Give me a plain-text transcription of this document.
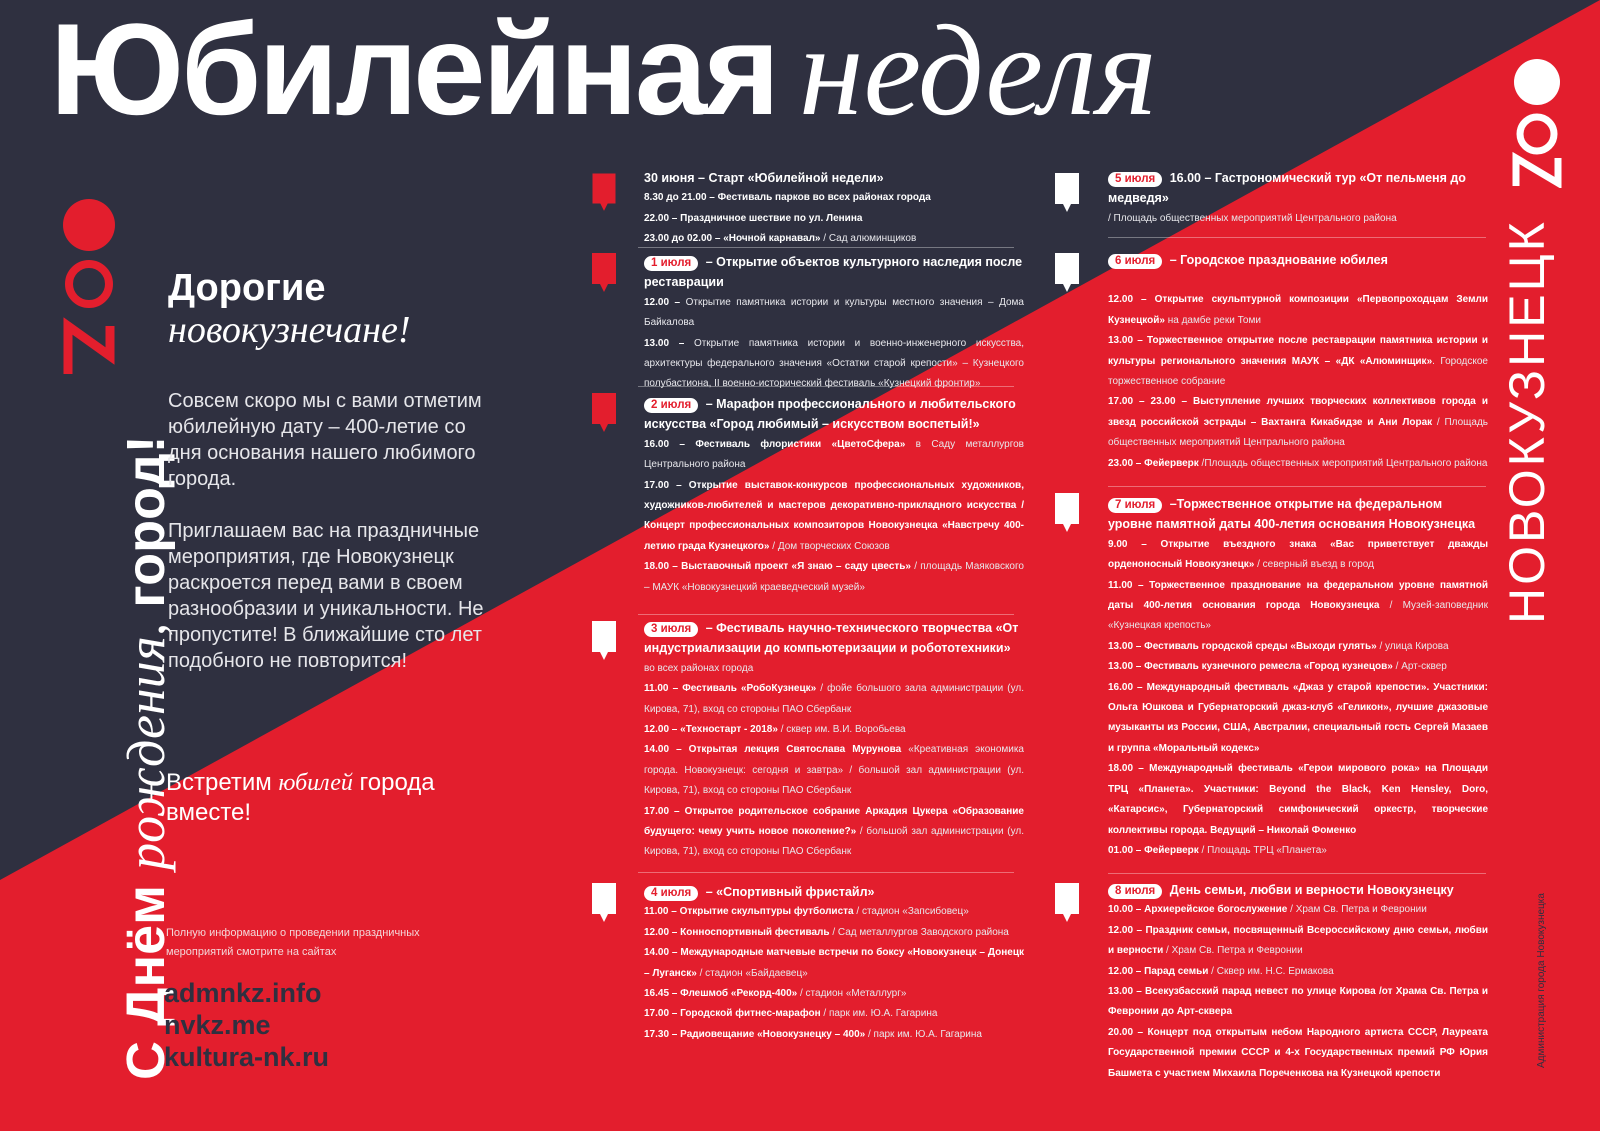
Юбилейная неделя
С Днём рождения, город!	НОВОКУЗНЕЦК
Администрация города Новокузнецка
Дорогие
новокузнечане!
Совсем скоро мы с вами отметим юбилейную дату – 400-летие со дня основания нашего любимого города.
Приглашаем вас на праздничные мероприятия, где Новокузнецк раскроется перед вами в своем разнообразии и уникальности. Не пропустите! В ближайшие сто лет подобного не повторится!
Встретим юбилей города вместе!
Полную информацию о проведении праздничных мероприятий смотрите на сайтах
admnkz.info
nvkz.me
kultura-nk.ru
30 июня – Старт «Юбилейной недели»
8.30 до 21.00 – Фестиваль парков во всех районах города
22.00 – Праздничное шествие по ул. Ленина
23.00 до 02.00 – «Ночной карнавал» / Сад алюминщиков
1 июля – Открытие объектов культурного наследия после реставрации
12.00 – Открытие памятника истории и культуры местного значения – Дома Байкалова
13.00 – Открытие памятника истории и военно-инженерного искусства, архитектуры федерального значения «Остатки старой крепости» – Кузнецкого полубастиона, II военно-исторический фестиваль «Кузнецкий фронтир»
2 июля – Марафон профессионального и любительского искусства «Город любимый – искусством воспетый!»
16.00 – Фестиваль флористики «ЦветоСфера» в Саду металлургов Центрального района
17.00 – Открытие выставок-конкурсов профессиональных художников, художников-любителей и мастеров декоративно-прикладного искусства / Концерт профессиональных композиторов Новокузнецка «Навстречу 400-летию града Кузнецкого» / Дом творческих Союзов
18.00 – Выставочный проект «Я знаю – саду цвесть» / площадь Маяковского – МАУК «Новокузнецкий краеведческий музей»
3 июля – Фестиваль научно-технического творчества «От индустриализации до компьютеризации и робототехники»
во всех районах города
11.00 – Фестиваль «РобоКузнецк» / фойе большого зала администрации (ул. Кирова, 71), вход со стороны ПАО Сбербанк
12.00 – «Техностарт - 2018» / сквер им. В.И. Воробьева
14.00 – Открытая лекция Святослава Мурунова «Креативная экономика города. Новокузнецк: сегодня и завтра» / большой зал администрации (ул. Кирова, 71), вход со стороны ПАО Сбербанк
17.00 – Открытое родительское собрание Аркадия Цукера «Образование будущего: чему учить новое поколение?» / большой зал администрации (ул. Кирова, 71), вход со стороны ПАО Сбербанк
4 июля – «Спортивный фристайл»
11.00 – Открытие скульптуры футболиста / стадион «Запсибовец»
12.00 – Конноспортивный фестиваль / Сад металлургов Заводского района
14.00 – Международные матчевые встречи по боксу «Новокузнецк – Донецк – Луганск» / стадион «Байдаевец»
16.45 – Флешмоб «Рекорд-400» / стадион «Металлург»
17.00 – Городской фитнес-марафон / парк им. Ю.А. Гагарина
17.30 – Радиовещание «Новокузнецку – 400» / парк им. Ю.А. Гагарина
5 июля 16.00 – Гастрономический тур «От пельменя до медведя»
/ Площадь общественных мероприятий Центрального района
6 июля – Городское празднование юбилея
12.00 – Открытие скульптурной композиции «Первопроходцам Земли Кузнецкой» на дамбе реки Томи
13.00 – Торжественное открытие после реставрации памятника истории и культуры регионального значения МАУК – «ДК «Алюминщик». Городское торжественное собрание
17.00 – 23.00 – Выступление лучших творческих коллективов города и звезд российской эстрады – Вахтанга Кикабидзе и Ани Лорак / Площадь общественных мероприятий Центрального района
23.00 – Фейерверк /Площадь общественных мероприятий Центрального района
7 июля –Торжественное открытие на федеральном уровне памятной даты 400-летия основания Новокузнецка
9.00 – Открытие въездного знака «Вас приветствует дважды орденоносный Новокузнецк» / северный въезд в город
11.00 – Торжественное празднование на федеральном уровне памятной даты 400-летия основания города Новокузнецка / Музей-заповедник «Кузнецкая крепость»
13.00 – Фестиваль городской среды «Выходи гулять» / улица Кирова
13.00 – Фестиваль кузнечного ремесла «Город кузнецов» / Арт-сквер
16.00 – Международный фестиваль «Джаз у старой крепости». Участники: Ольга Юшкова и Губернаторский джаз-клуб «Геликон», лучшие джазовые музыканты из России, США, Австралии, специальный гость Сергей Мазаев и группа «Моральный кодекс»
18.00 – Международный фестиваль «Герои мирового рока» на Площади ТРЦ «Планета». Участники: Beyond the Black, Ken Hensley, Doro, «Катарсис», Губернаторский симфонический оркестр, творческие коллективы города. Ведущий – Николай Фоменко
01.00 – Фейерверк / Площадь ТРЦ «Планета»
8 июля День семьи, любви и верности Новокузнецку
10.00 – Архиерейское богослужение / Храм Св. Петра и Февронии
12.00 – Праздник семьи, посвященный Всероссийскому дню семьи, любви и верности / Храм Св. Петра и Февронии
12.00 – Парад семьи / Сквер им. Н.С. Ермакова
13.00 – Всекузбасский парад невест по улице Кирова /от Храма Св. Петра и Февронии до Арт-сквера
20.00 – Концерт под открытым небом Народного артиста СССР, Лауреата Государственной премии СССР и 4-х Государственных премий РФ Юрия Башмета с участием Михаила Пореченкова на Кузнецкой крепости
